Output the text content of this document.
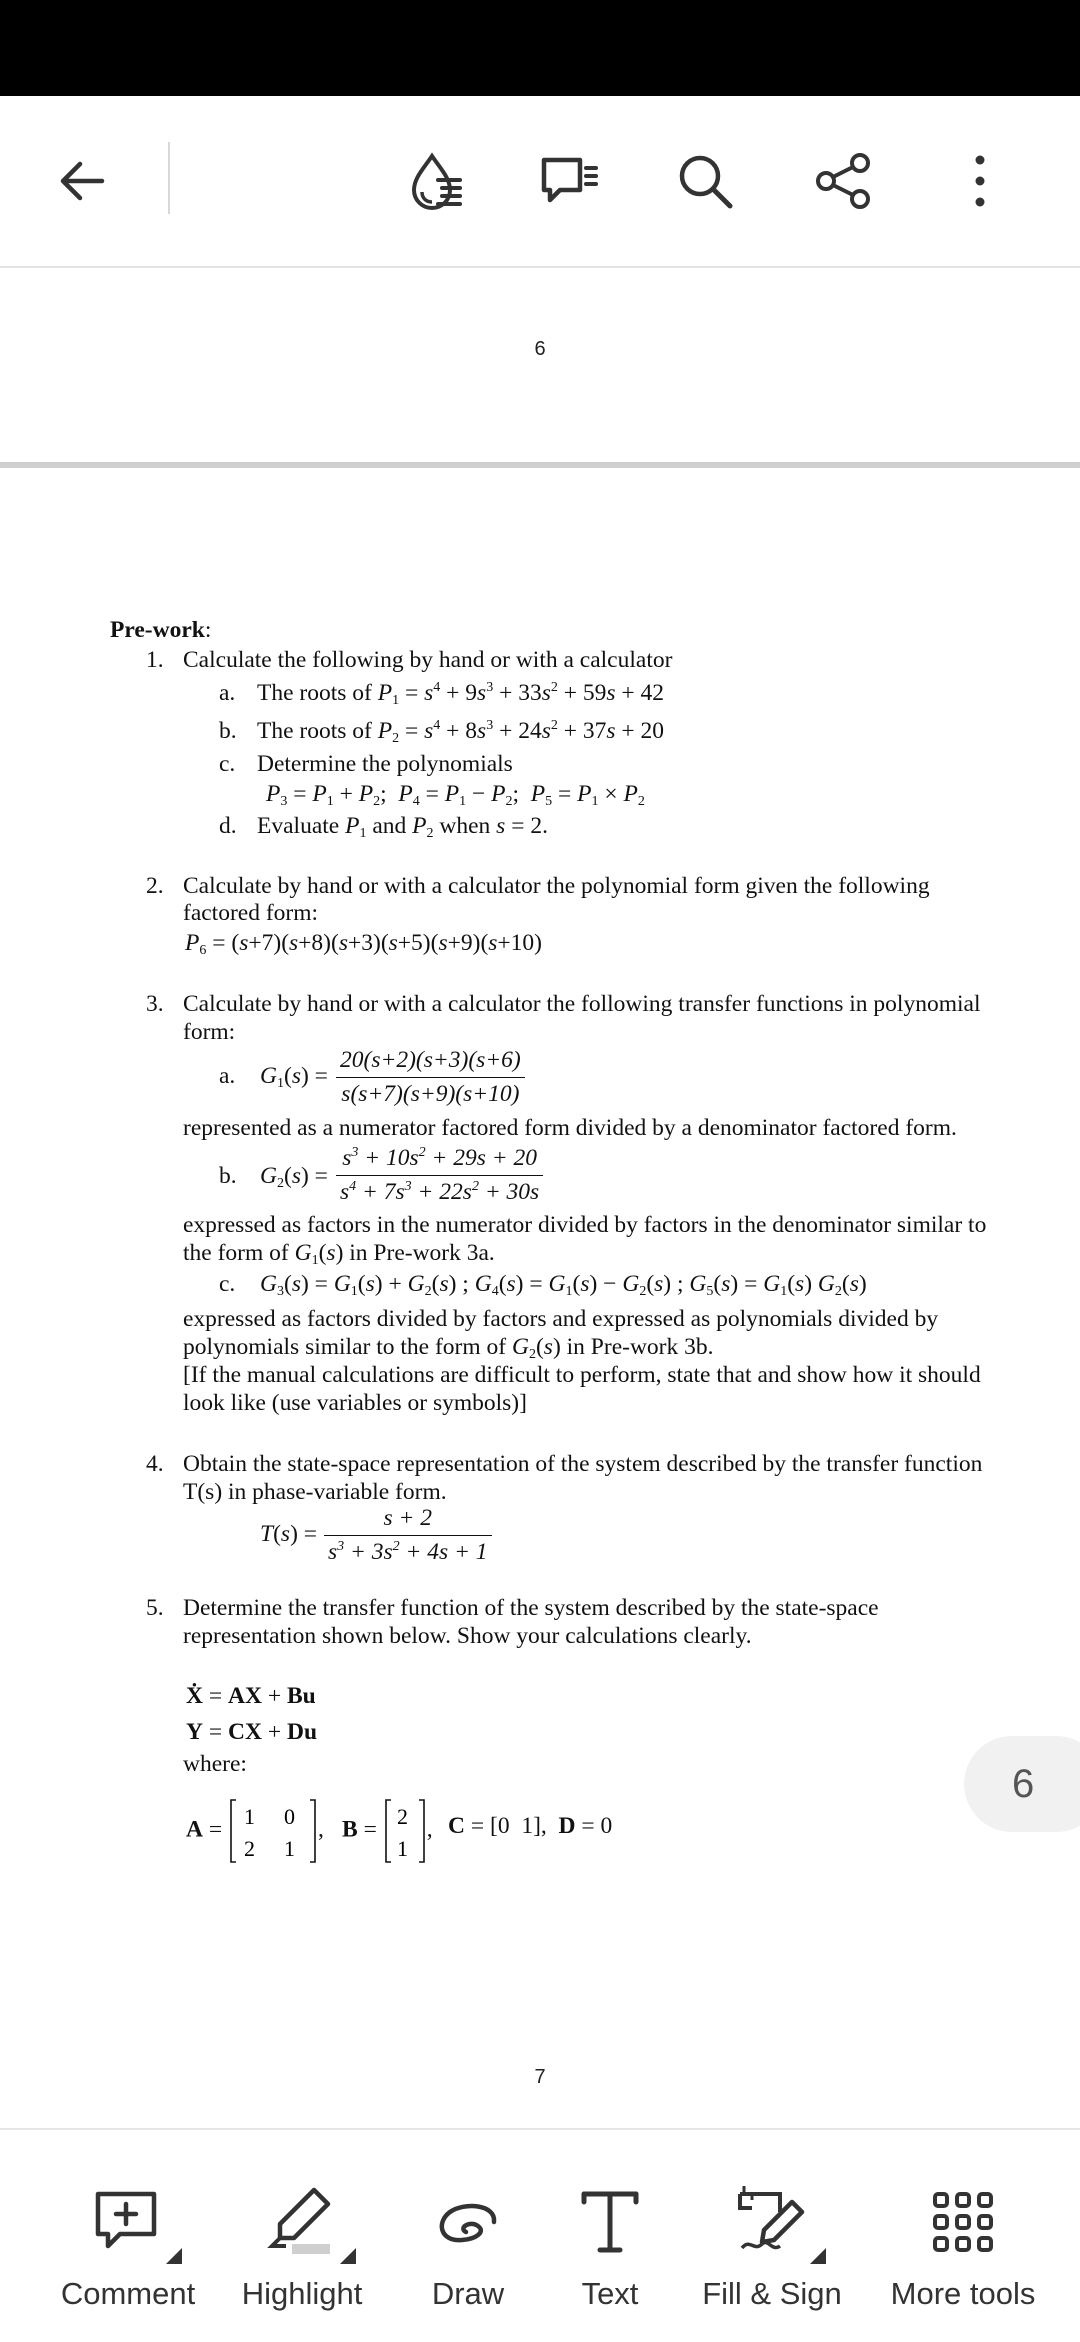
6
Pre-work:
1. Calculate the following by hand or with a calculator
a. The roots of $P_1 = s^4 + 9s^3 + 33s^2 + 59s + 42$
b. The roots of $P_2 = s^4 + 8s^3 + 24s^2 + 37s + 20$
c. Determine the polynomials
$P_3 = P_1 + P_2$;  $P_4 = P_1 - P_2$;  $P_5 = P_1 \times P_2$
d. Evaluate $P_1$ and $P_2$ when s = 2.
2. Calculate by hand or with a calculator the polynomial form given the following
factored form:
$P_6 = (s+7)(s+8)(s+3)(s+5)(s+9)(s+10)$
3. Calculate by hand or with a calculator the following transfer functions in polynomial
form:
a. $G_1(s) = \frac{20(s+2)(s+3)(s+6)}{s(s+7)(s+9)(s+10)}$
represented as a numerator factored form divided by a denominator factored form.
b. $G_2(s) = \frac{s^3 + 10s^2 + 29s + 20}{s^4 + 7s^3 + 22s^2 + 30s}$
expressed as factors in the numerator divided by factors in the denominator similar to
the form of $G_1(s)$ in Pre-work 3a.
c. $G_3(s) = G_1(s) + G_2(s)$ ; $G_4(s) = G_1(s) - G_2(s)$ ; $G_5(s) = G_1(s)$ $G_2(s)$
expressed as factors divided by factors and expressed as polynomials divided by
polynomials similar to the form of $G_2(s)$ in Pre-work 3b.
[If the manual calculations are difficult to perform, state that and show how it should
look like (use variables or symbols)]
4. Obtain the state-space representation of the system described by the transfer function
T(s) in phase-variable form.
$T(s) = \frac{s + 2}{s^3 + 3s^2 + 4s + 1}$
5. Determine the transfer function of the system described by the state-space
representation shown below. Show your calculations clearly.
Ẋ = AX + Bu
Y = CX + Du
where:
A = 1 0
2 1
, B = 2
1
, C = [0  1],  D = 0
6
7
Comment Highlight Draw Text Fill & Sign More tools
